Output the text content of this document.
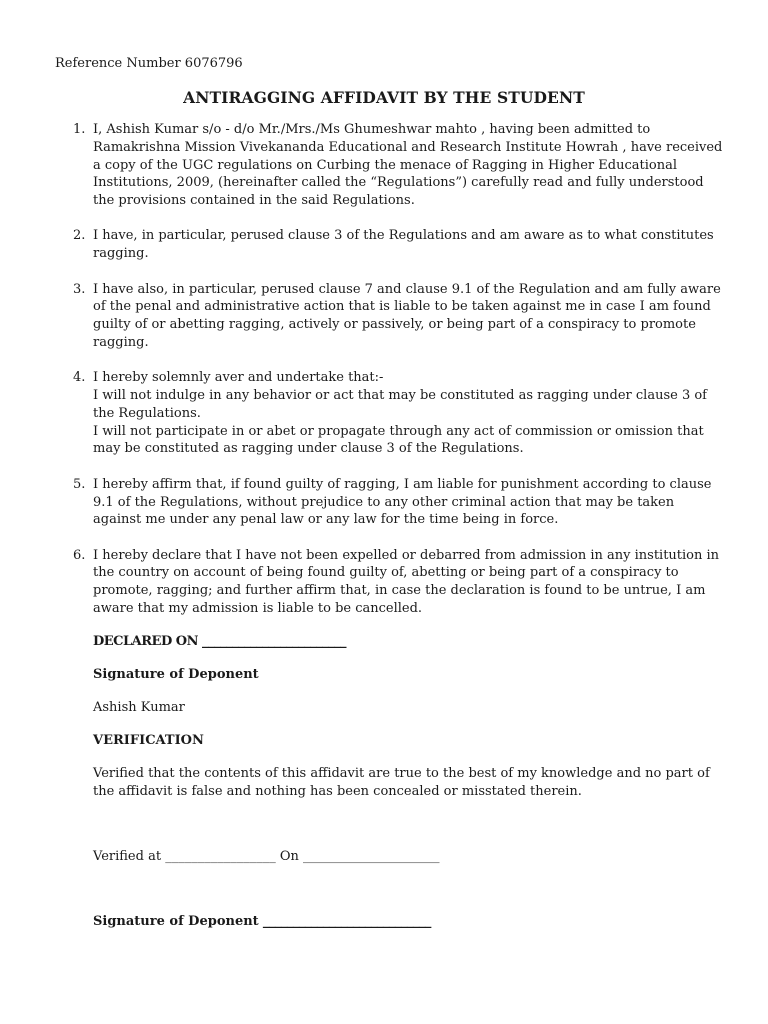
Reference Number 6076796
ANTIRAGGING AFFIDAVIT BY THE STUDENT
1. I, Ashish Kumar s/o - d/o Mr./Mrs./Ms Ghumeshwar mahto , having been admitted to

Ramakrishna Mission Vivekananda Educational and Research Institute Howrah , have received

a copy of the UGC regulations on Curbing the menace of Ragging in Higher Educational

Institutions, 2009, (hereinafter called the “Regulations”) carefully read and fully understood

the provisions contained in the said Regulations.

2. I have, in particular, perused clause 3 of the Regulations and am aware as to what constitutes

ragging.

3. I have also, in particular, perused clause 7 and clause 9.1 of the Regulation and am fully aware

of the penal and administrative action that is liable to be taken against me in case I am found

guilty of or abetting ragging, actively or passively, or being part of a conspiracy to promote

ragging.

4. I hereby solemnly aver and undertake that:-

I will not indulge in any behavior or act that may be constituted as ragging under clause 3 of

the Regulations.

I will not participate in or abet or propagate through any act of commission or omission that

may be constituted as ragging under clause 3 of the Regulations.

5. I hereby affirm that, if found guilty of ragging, I am liable for punishment according to clause

9.1 of the Regulations, without prejudice to any other criminal action that may be taken

against me under any penal law or any law for the time being in force.

6. I hereby declare that I have not been expelled or debarred from admission in any institution in

the country on account of being found guilty of, abetting or being part of a conspiracy to

promote, ragging; and further affirm that, in case the declaration is found to be untrue, I am

aware that my admission is liable to be cancelled.

DECLARED ON ________________________
Signature of Deponent
Ashish Kumar
VERIFICATION
Verified that the contents of this affidavit are true to the best of my knowledge and no part of
the affidavit is false and nothing has been concealed or misstated therein.
Verified at _________________ On _____________________
Signature of Deponent ____________________________
